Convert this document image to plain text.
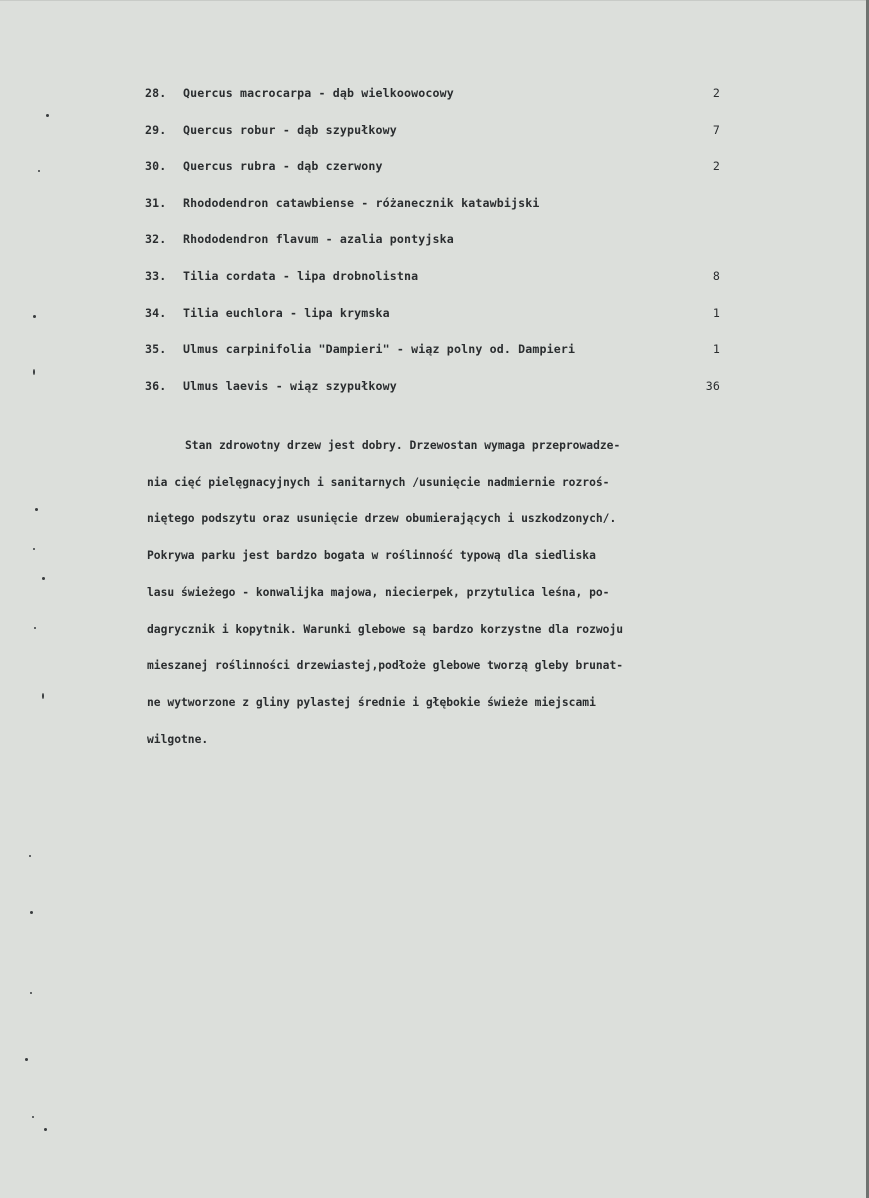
28. Quercus macrocarpa - dąb wielkoowocowy	2
29. Quercus robur - dąb szypułkowy	7
30. Quercus rubra - dąb czerwony	2
31. Rhododendron catawbiense - różanecznik katawbijski
32. Rhododendron flavum - azalia pontyjska
33. Tilia cordata - lipa drobnolistna	8
34. Tilia euchlora - lipa krymska	1
35. Ulmus carpinifolia "Dampieri" - wiąz polny od. Dampieri	1
36. Ulmus laevis - wiąz szypułkowy	36

Stan zdrowotny drzew jest dobry. Drzewostan wymaga przeprowadze-
nia cięć pielęgnacyjnych i sanitarnych /usunięcie nadmiernie rozroś-
niętego podszytu oraz usunięcie drzew obumierających i uszkodzonych/.
Pokrywa parku jest bardzo bogata w roślinność typową dla siedliska
lasu świeżego - konwalijka majowa, niecierpek, przytulica leśna, po-
dagrycznik i kopytnik. Warunki glebowe są bardzo korzystne dla rozwoju
mieszanej roślinności drzewiastej,podłoże glebowe tworzą gleby brunat-
ne wytworzone z gliny pylastej średnie i głębokie świeże miejscami
wilgotne.
